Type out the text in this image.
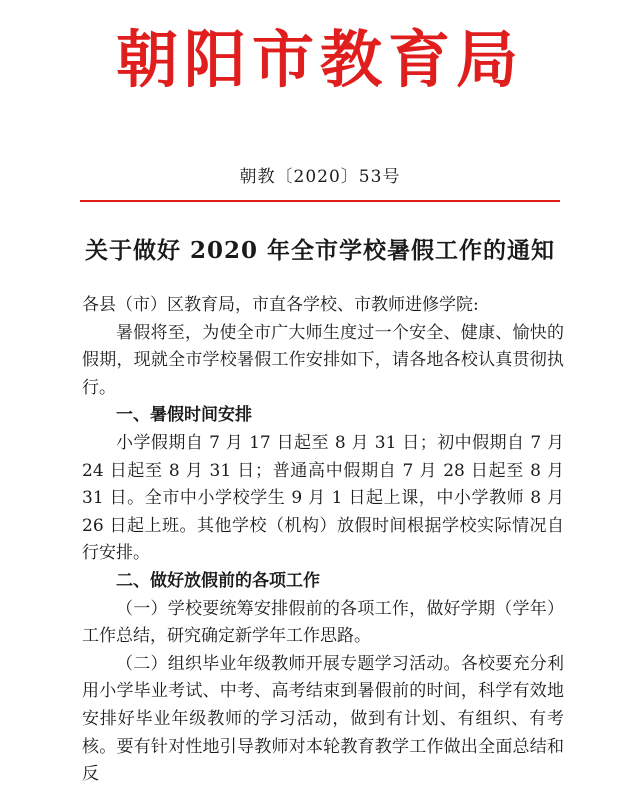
朝阳市教育局
朝教〔2020〕53号
关于做好 2020 年全市学校暑假工作的通知

各县（市）区教育局，市直各学校、市教师进修学院:

暑假将至，为使全市广大师生度过一个安全、健康、愉快的假期，现就全市学校暑假工作安排如下，请各地各校认真贯彻执行。

一、暑假时间安排

小学假期自 7 月 17 日起至 8 月 31 日；初中假期自 7 月 24 日起至 8 月 31 日；普通高中假期自 7 月 28 日起至 8 月 31 日。全市中小学校学生 9 月 1 日起上课，中小学教师 8 月 26 日起上班。其他学校（机构）放假时间根据学校实际情况自行安排。

二、做好放假前的各项工作

（一）学校要统筹安排假前的各项工作，做好学期（学年）工作总结，研究确定新学年工作思路。

（二）组织毕业年级教师开展专题学习活动。各校要充分利用小学毕业考试、中考、高考结束到暑假前的时间，科学有效地安排好毕业年级教师的学习活动，做到有计划、有组织、有考核。要有针对性地引导教师对本轮教育教学工作做出全面总结和反
